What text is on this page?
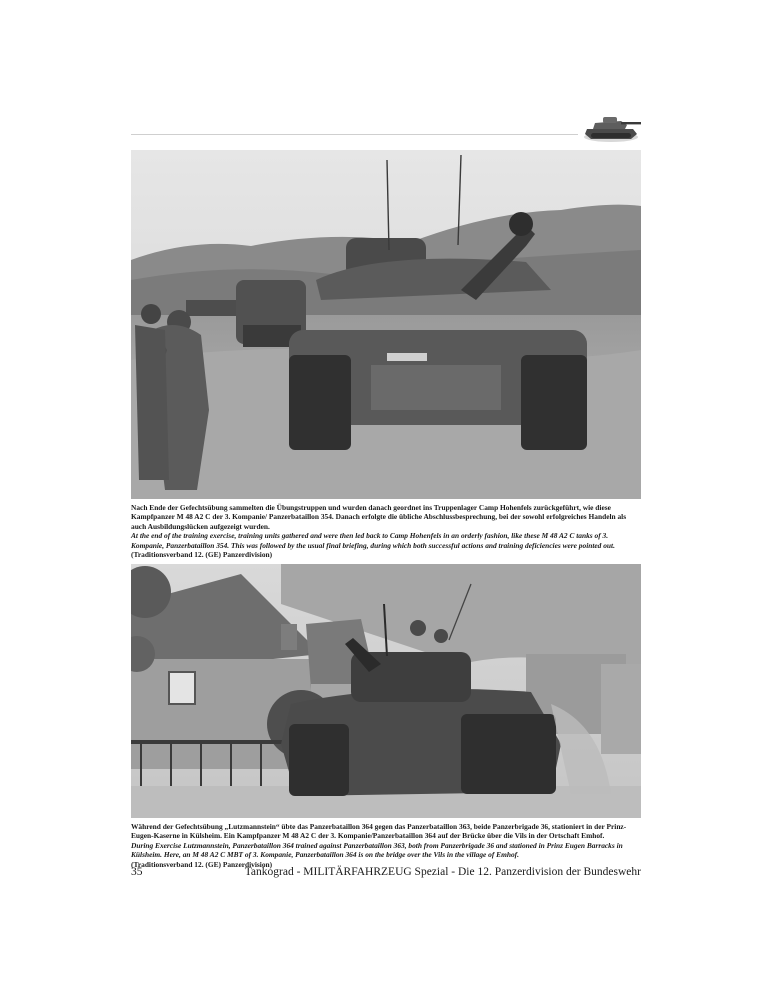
Nach Ende der Gefechtsübung sammelten die Übungstruppen und wurden danach geordnet ins Truppenlager Camp Hohenfels zurückgeführt, wie diese Kampfpanzer M 48 A2 C der 3. Kompanie/ Panzerbataillon 354. Danach erfolgte die übliche Abschlussbesprechung, bei der sowohl erfolgreiches Handeln als auch Ausbildungslücken aufgezeigt wurden.

At the end of the training exercise, training units gathered and were then led back to Camp Hohenfels in an orderly fashion, like these M 48 A2 C tanks of 3. Kompanie, Panzerbataillon 354. This was followed by the usual final briefing, during which both successful actions and training deficiencies were pointed out.

(Traditionsverband 12. (GE) Panzerdivision)

Während der Gefechtsübung „Lutzmannstein“ übte das Panzerbataillon 364 gegen das Panzerbataillon 363, beide Panzerbrigade 36, stationiert in der Prinz-Eugen-Kaserne in Külsheim. Ein Kampfpanzer M 48 A2 C der 3. Kompanie/Panzerbataillon 364 auf der Brücke über die Vils in der Ortschaft Emhof.

During Exercise Lutzmannstein, Panzerbataillon 364 trained against Panzerbataillon 363, both from Panzerbrigade 36 and stationed in Prinz Eugen Barracks in Külsheim. Here, an M 48 A2 C MBT of 3. Kompanie, Panzerbataillon 364 is on the bridge over the Vils in the village of Emhof.

(Traditionsverband 12. (GE) Panzerdivision)

35	Tankograd - MILITÄRFAHRZEUG Spezial - Die 12. Panzerdivision der Bundeswehr
